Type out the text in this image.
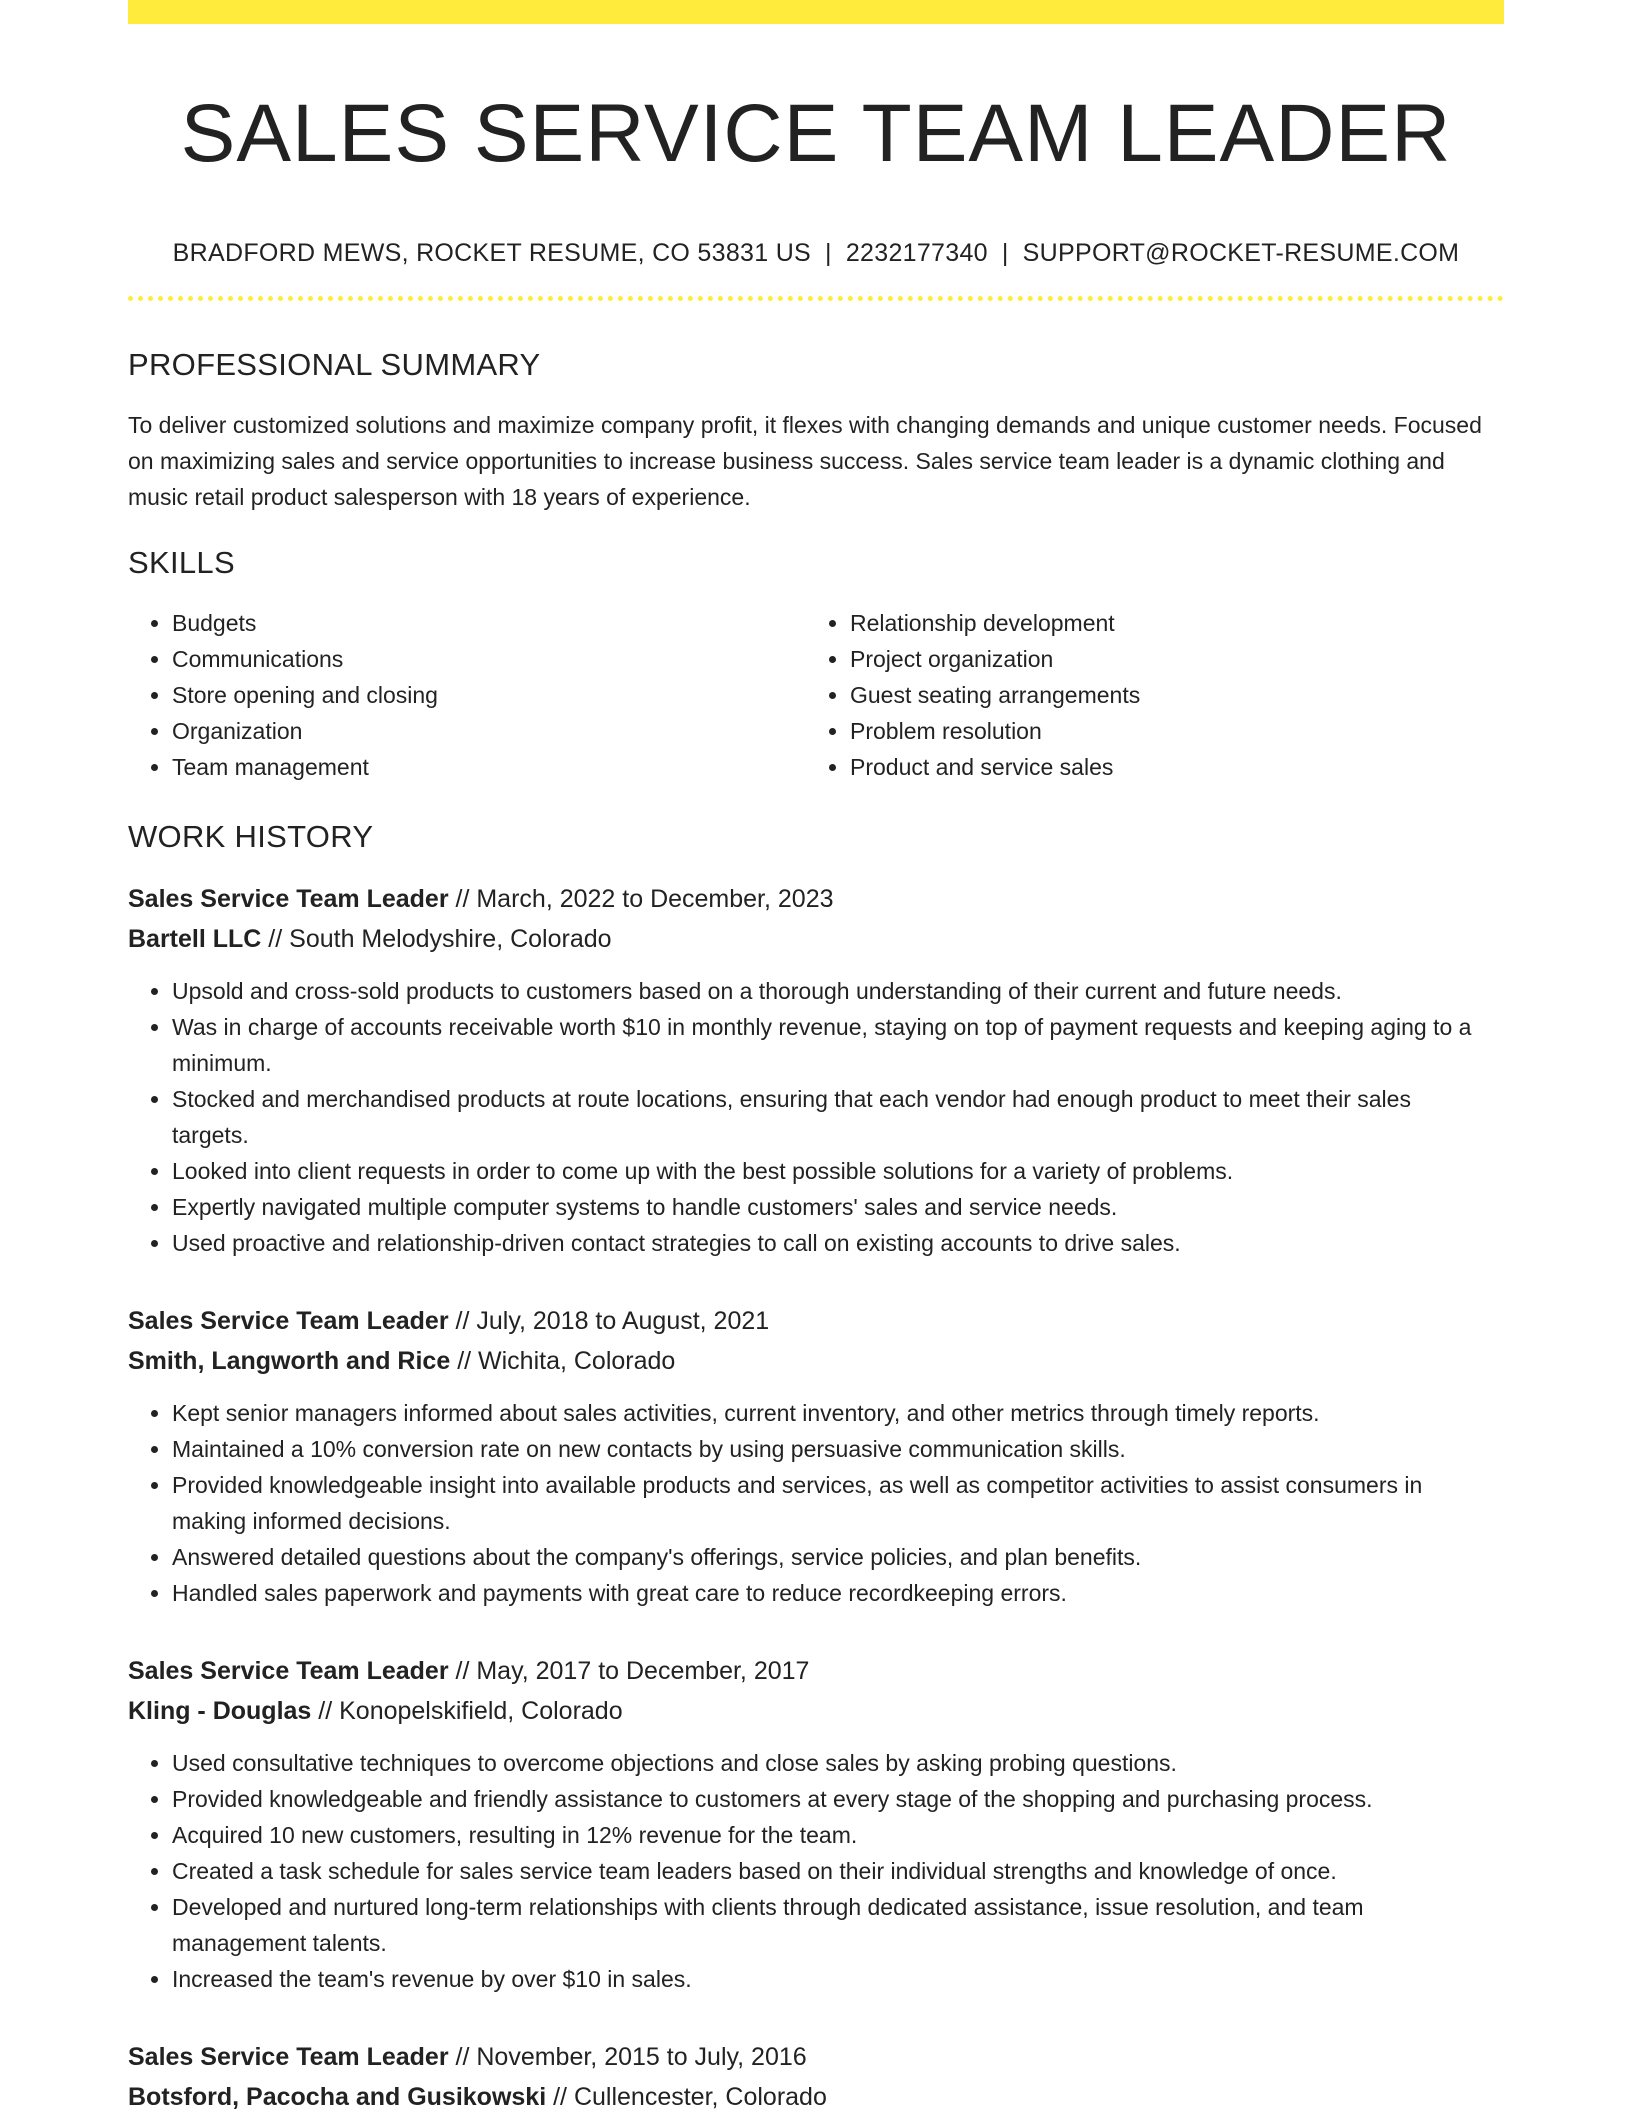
SALES SERVICE TEAM LEADER
BRADFORD MEWS, ROCKET RESUME, CO 53831 US | 2232177340 | SUPPORT@ROCKET-RESUME.COM
PROFESSIONAL SUMMARY
To deliver customized solutions and maximize company profit, it flexes with changing demands and unique customer needs. Focused on maximizing sales and service opportunities to increase business success. Sales service team leader is a dynamic clothing and music retail product salesperson with 18 years of experience.
SKILLS
• Budgets
• Communications
• Store opening and closing
• Organization
• Team management
• Relationship development
• Project organization
• Guest seating arrangements
• Problem resolution
• Product and service sales
WORK HISTORY
Sales Service Team Leader // March, 2022 to December, 2023
Bartell LLC // South Melodyshire, Colorado
• Upsold and cross-sold products to customers based on a thorough understanding of their current and future needs.
• Was in charge of accounts receivable worth $10 in monthly revenue, staying on top of payment requests and keeping aging to a minimum.
• Stocked and merchandised products at route locations, ensuring that each vendor had enough product to meet their sales targets.
• Looked into client requests in order to come up with the best possible solutions for a variety of problems.
• Expertly navigated multiple computer systems to handle customers' sales and service needs.
• Used proactive and relationship-driven contact strategies to call on existing accounts to drive sales.
Sales Service Team Leader // July, 2018 to August, 2021
Smith, Langworth and Rice // Wichita, Colorado
• Kept senior managers informed about sales activities, current inventory, and other metrics through timely reports.
• Maintained a 10% conversion rate on new contacts by using persuasive communication skills.
• Provided knowledgeable insight into available products and services, as well as competitor activities to assist consumers in making informed decisions.
• Answered detailed questions about the company's offerings, service policies, and plan benefits.
• Handled sales paperwork and payments with great care to reduce recordkeeping errors.
Sales Service Team Leader // May, 2017 to December, 2017
Kling - Douglas // Konopelskifield, Colorado
• Used consultative techniques to overcome objections and close sales by asking probing questions.
• Provided knowledgeable and friendly assistance to customers at every stage of the shopping and purchasing process.
• Acquired 10 new customers, resulting in 12% revenue for the team.
• Created a task schedule for sales service team leaders based on their individual strengths and knowledge of once.
• Developed and nurtured long-term relationships with clients through dedicated assistance, issue resolution, and team management talents.
• Increased the team's revenue by over $10 in sales.
Sales Service Team Leader // November, 2015 to July, 2016
Botsford, Pacocha and Gusikowski // Cullencester, Colorado
